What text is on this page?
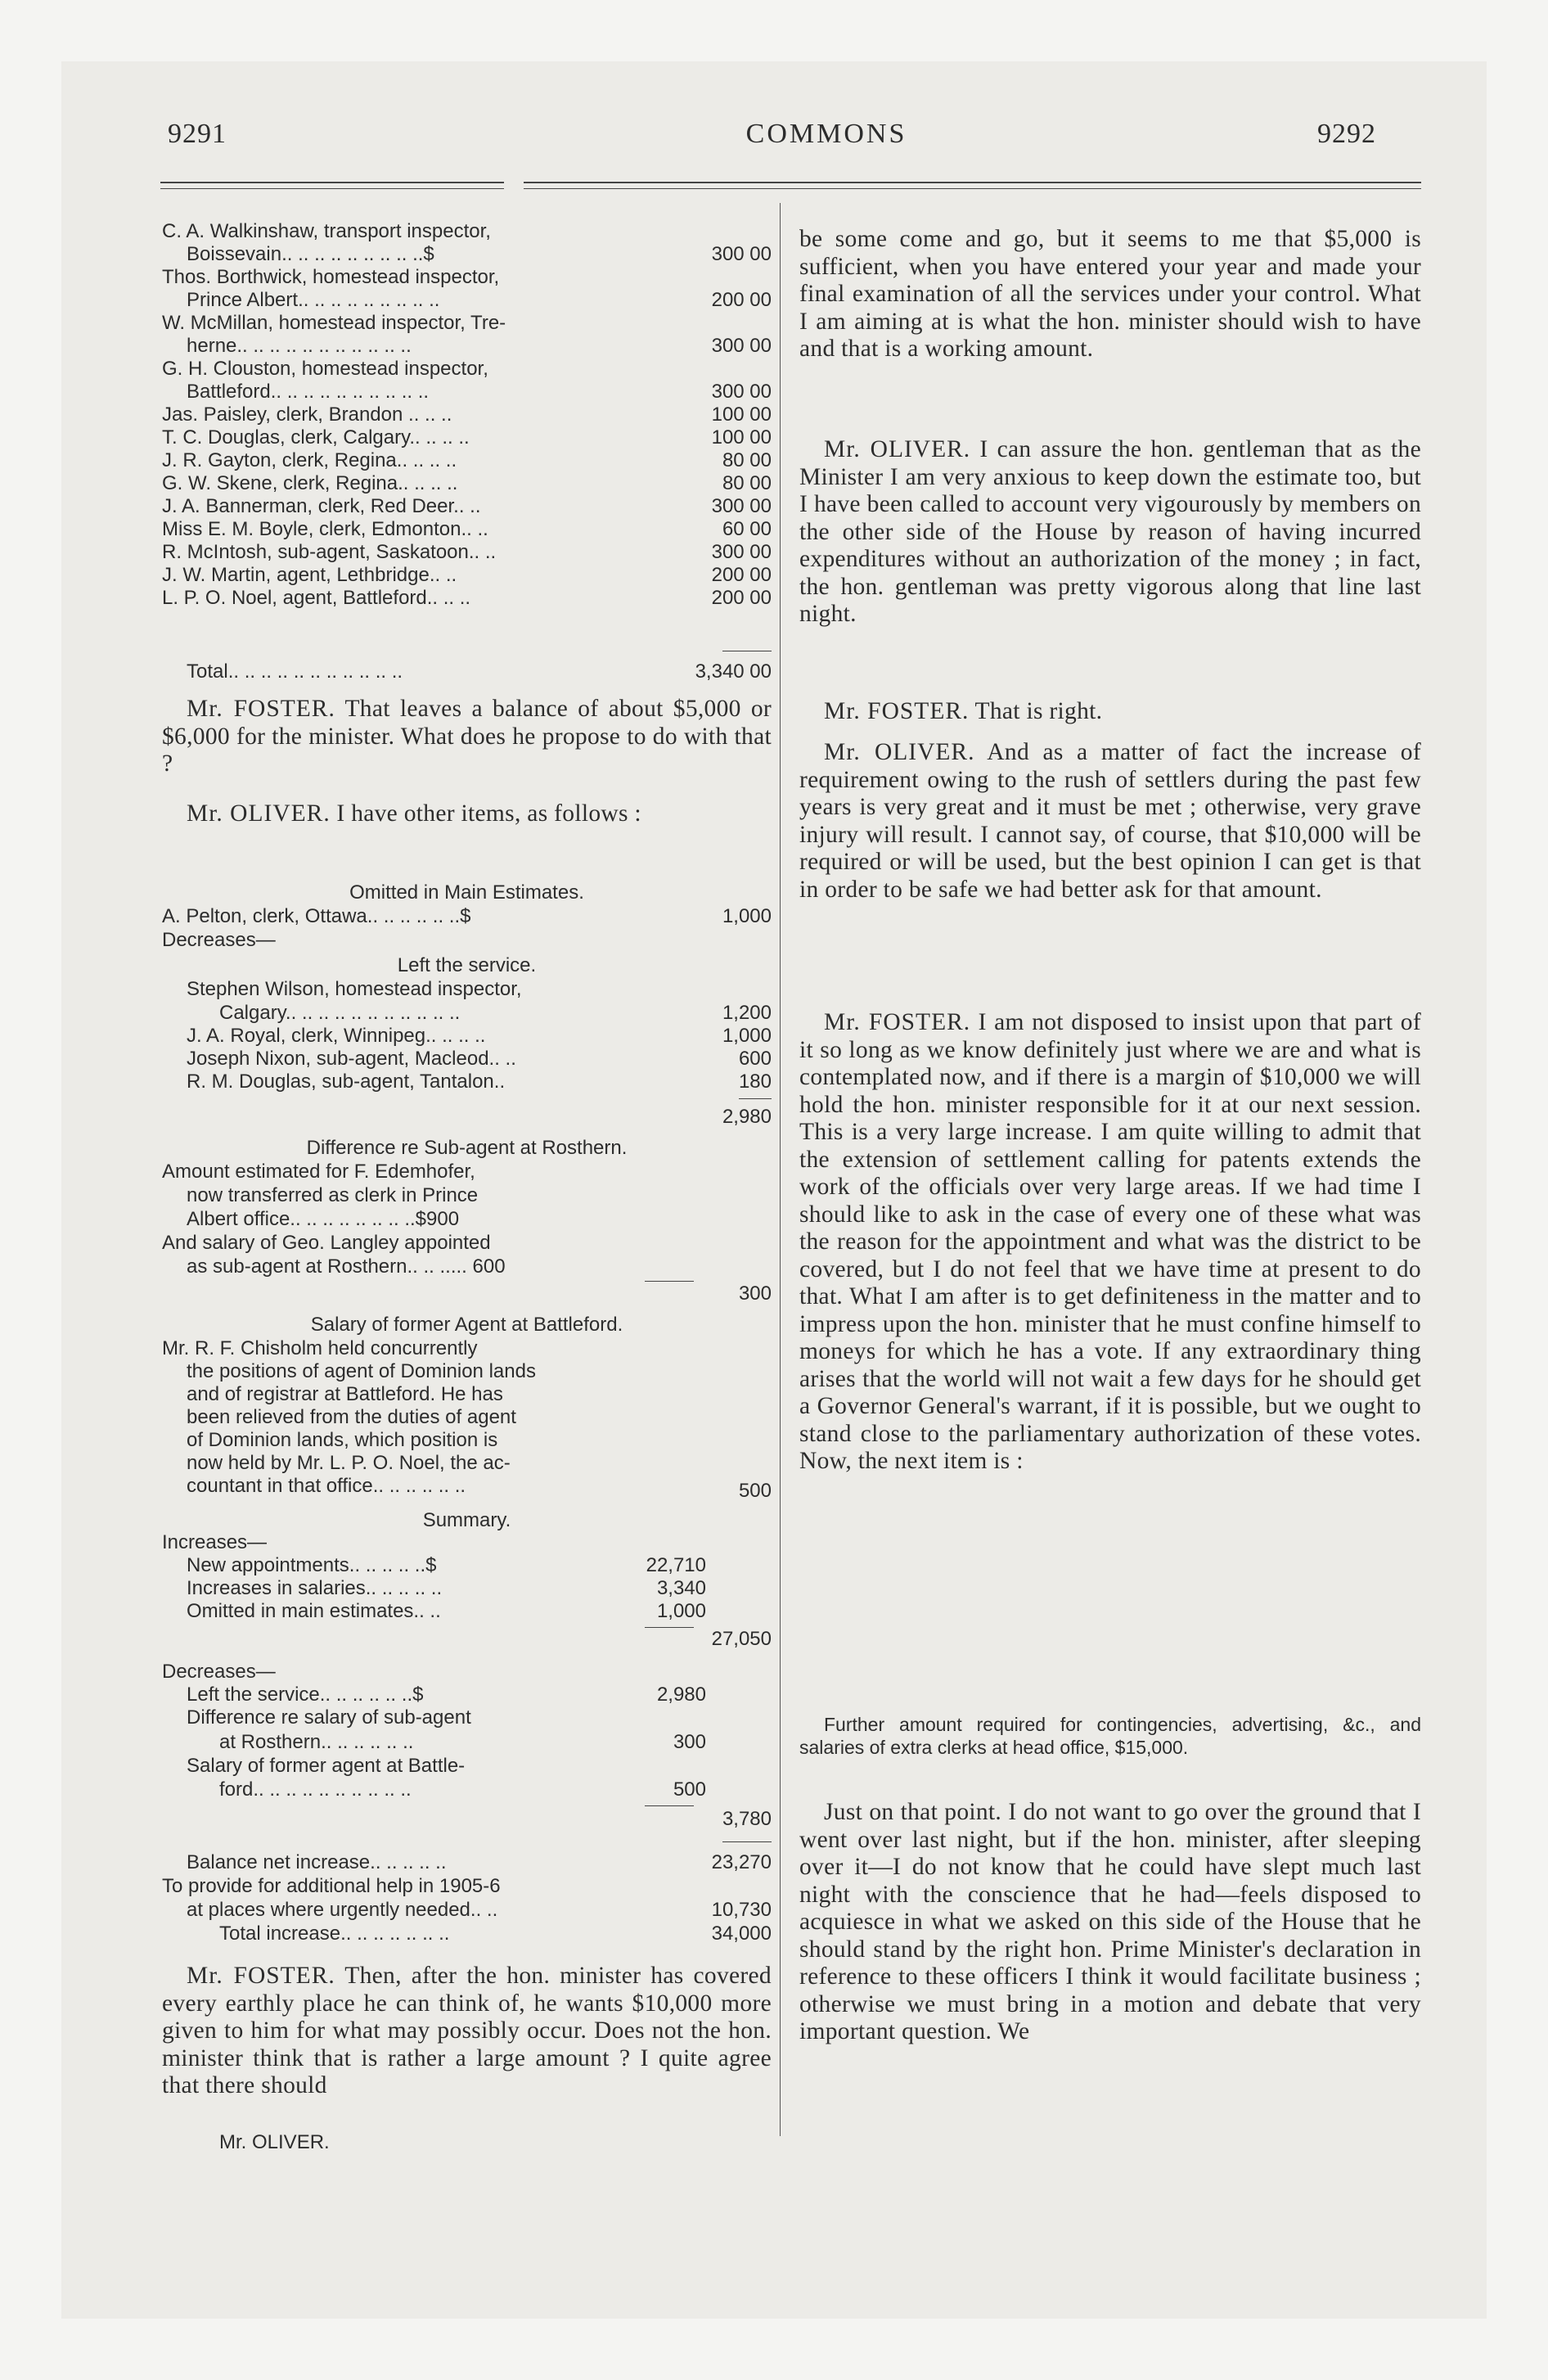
9291	COMMONS	9292
C. A. Walkinshaw, transport inspector,
Boissevain.. .. .. .. .. .. .. .. ..$	300 00
Thos. Borthwick, homestead inspector,
Prince Albert.. .. .. .. .. .. .. .. ..	200 00
W. McMillan, homestead inspector, Tre-
herne.. .. .. .. .. .. .. .. .. .. ..	300 00
G. H. Clouston, homestead inspector,
Battleford.. .. .. .. .. .. .. .. .. ..	300 00
Jas. Paisley, clerk, Brandon .. .. ..	100 00
T. C. Douglas, clerk, Calgary.. .. .. ..	100 00
J. R. Gayton, clerk, Regina.. .. .. ..	80 00
G. W. Skene, clerk, Regina.. .. .. ..	80 00
J. A. Bannerman, clerk, Red Deer.. ..	300 00
Miss E. M. Boyle, clerk, Edmonton.. ..	60 00
R. McIntosh, sub-agent, Saskatoon.. ..	300 00
J. W. Martin, agent, Lethbridge.. ..	200 00
L. P. O. Noel, agent, Battleford.. .. ..	200 00
Total.. .. .. .. .. .. .. .. .. .. ..	3,340 00

Mr. FOSTER. That leaves a balance of about $5,000 or $6,000 for the minister. What does he propose to do with that ?

Mr. OLIVER. I have other items, as follows :

Omitted in Main Estimates.
A. Pelton, clerk, Ottawa.. .. .. .. .. ..$	1,000
Decreases—
Left the service.
Stephen Wilson, homestead inspector,
Calgary.. .. .. .. .. .. .. .. .. .. ..	1,200
J. A. Royal, clerk, Winnipeg.. .. .. ..	1,000
Joseph Nixon, sub-agent, Macleod.. ..	600
R. M. Douglas, sub-agent, Tantalon..	180
2,980
Difference re Sub-agent at Rosthern.
Amount estimated for F. Edemhofer,
now transferred as clerk in Prince
Albert office.. .. .. .. .. .. .. ..$900
And salary of Geo. Langley appointed
as sub-agent at Rosthern.. .. ..... 600
300
Salary of former Agent at Battleford.
Mr. R. F. Chisholm held concurrently
the positions of agent of Dominion lands
and of registrar at Battleford. He has
been relieved from the duties of agent
of Dominion lands, which position is
now held by Mr. L. P. O. Noel, the ac-
countant in that office.. .. .. .. .. ..	500
Summary.
Increases—
New appointments.. .. .. .. ..$	22,710
Increases in salaries.. .. .. .. ..	3,340
Omitted in main estimates.. ..	1,000
27,050
Decreases—
Left the service.. .. .. .. .. ..$	2,980
Difference re salary of sub-agent
at Rosthern.. .. .. .. .. ..	300
Salary of former agent at Battle-
ford.. .. .. .. .. .. .. .. .. ..	500
3,780
Balance net increase.. .. .. .. ..	23,270
To provide for additional help in 1905-6
at places where urgently needed.. ..	10,730
Total increase.. .. .. .. .. .. ..	34,000

Mr. FOSTER. Then, after the hon. minister has covered every earthly place he can think of, he wants $10,000 more given to him for what may possibly occur. Does not the hon. minister think that is rather a large amount ? I quite agree that there should

Mr. OLIVER.

be some come and go, but it seems to me that $5,000 is sufficient, when you have entered your year and made your final examination of all the services under your control. What I am aiming at is what the hon. minister should wish to have and that is a working amount.

Mr. OLIVER. I can assure the hon. gentleman that as the Minister I am very anxious to keep down the estimate too, but I have been called to account very vigourously by members on the other side of the House by reason of having incurred expenditures without an authorization of the money ; in fact, the hon. gentleman was pretty vigorous along that line last night.

Mr. FOSTER. That is right.

Mr. OLIVER. And as a matter of fact the increase of requirement owing to the rush of settlers during the past few years is very great and it must be met ; otherwise, very grave injury will result. I cannot say, of course, that $10,000 will be required or will be used, but the best opinion I can get is that in order to be safe we had better ask for that amount.

Mr. FOSTER. I am not disposed to insist upon that part of it so long as we know definitely just where we are and what is contemplated now, and if there is a margin of $10,000 we will hold the hon. minister responsible for it at our next session. This is a very large increase. I am quite willing to admit that the extension of settlement calling for patents extends the work of the officials over very large areas. If we had time I should like to ask in the case of every one of these what was the reason for the appointment and what was the district to be covered, but I do not feel that we have time at present to do that. What I am after is to get definiteness in the matter and to impress upon the hon. minister that he must confine himself to moneys for which he has a vote. If any extraordinary thing arises that the world will not wait a few days for he should get a Governor General's warrant, if it is possible, but we ought to stand close to the parliamentary authorization of these votes. Now, the next item is :

Further amount required for contingencies, advertising, &c., and salaries of extra clerks at head office, $15,000.

Just on that point. I do not want to go over the ground that I went over last night, but if the hon. minister, after sleeping over it—I do not know that he could have slept much last night with the conscience that he had—feels disposed to acquiesce in what we asked on this side of the House that he should stand by the right hon. Prime Minister's declaration in reference to these officers I think it would facilitate business ; otherwise we must bring in a motion and debate that very important question. We
